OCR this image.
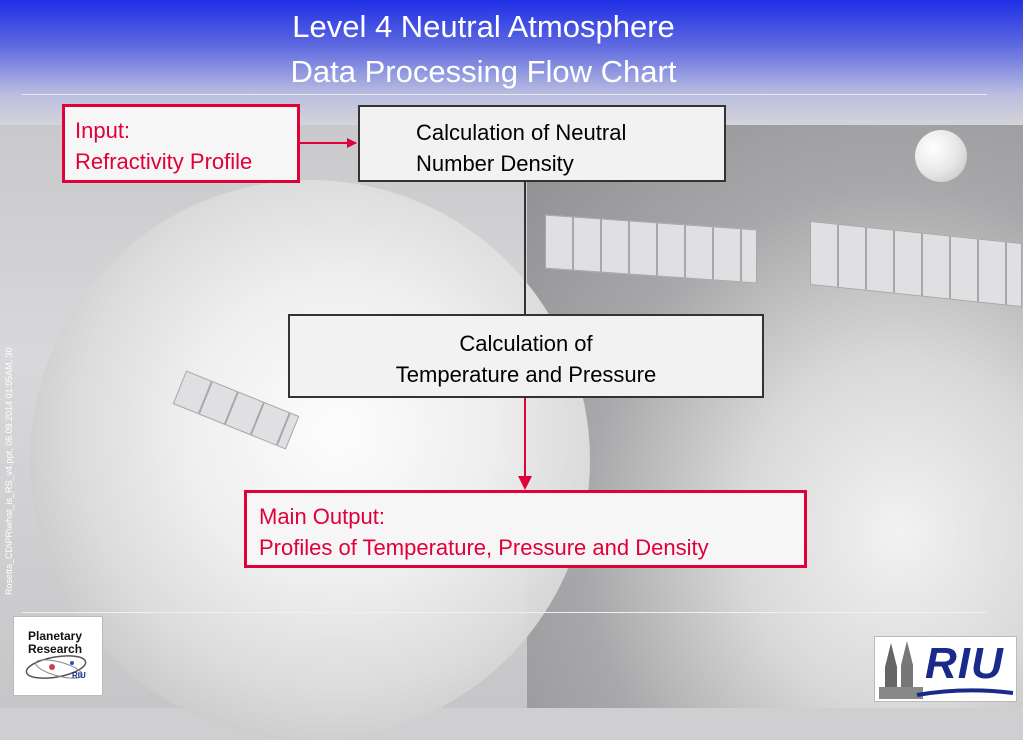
Level 4 Neutral Atmosphere
Data Processing Flow Chart
Rosetta_CD\PR\what_is_RS_v4.ppt, 06.09.2014 01:05AM, 30
Input:
Refractivity Profile
Calculation of Neutral
Number Density
Calculation of
Temperature and Pressure
Main Output:
Profiles of Temperature, Pressure and Density
Planetary
Research
RIU	RIU
